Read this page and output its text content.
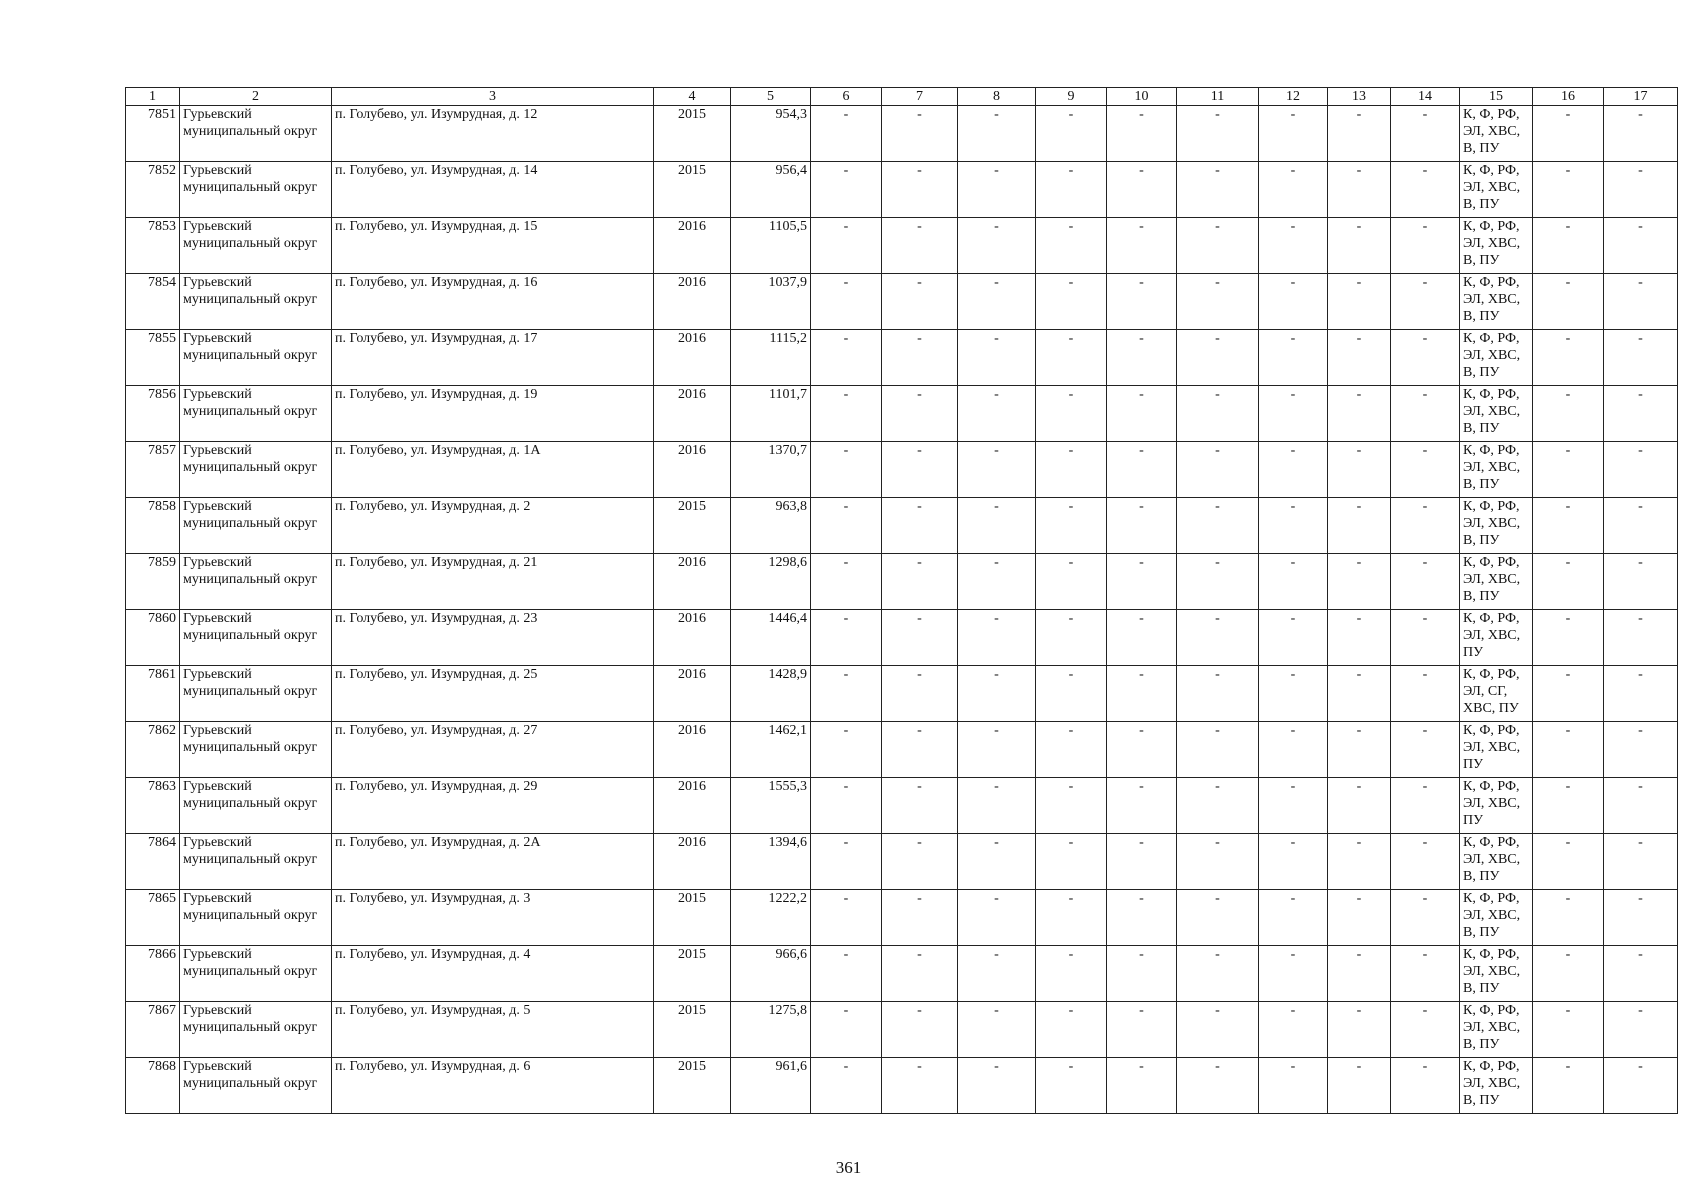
1	2	3	4	5	6	7	8	9	10	11	12	13	14	15	16	17
7851	Гурьевский муниципальный округ	п. Голубево, ул. Изумрудная, д. 12	2015	954,3	-	-	-	-	-	-	-	-	-	К, Ф, РФ, ЭЛ, ХВС, В, ПУ	-	-
7852	Гурьевский муниципальный округ	п. Голубево, ул. Изумрудная, д. 14	2015	956,4	-	-	-	-	-	-	-	-	-	К, Ф, РФ, ЭЛ, ХВС, В, ПУ	-	-
7853	Гурьевский муниципальный округ	п. Голубево, ул. Изумрудная, д. 15	2016	1105,5	-	-	-	-	-	-	-	-	-	К, Ф, РФ, ЭЛ, ХВС, В, ПУ	-	-
7854	Гурьевский муниципальный округ	п. Голубево, ул. Изумрудная, д. 16	2016	1037,9	-	-	-	-	-	-	-	-	-	К, Ф, РФ, ЭЛ, ХВС, В, ПУ	-	-
7855	Гурьевский муниципальный округ	п. Голубево, ул. Изумрудная, д. 17	2016	1115,2	-	-	-	-	-	-	-	-	-	К, Ф, РФ, ЭЛ, ХВС, В, ПУ	-	-
7856	Гурьевский муниципальный округ	п. Голубево, ул. Изумрудная, д. 19	2016	1101,7	-	-	-	-	-	-	-	-	-	К, Ф, РФ, ЭЛ, ХВС, В, ПУ	-	-
7857	Гурьевский муниципальный округ	п. Голубево, ул. Изумрудная, д. 1А	2016	1370,7	-	-	-	-	-	-	-	-	-	К, Ф, РФ, ЭЛ, ХВС, В, ПУ	-	-
7858	Гурьевский муниципальный округ	п. Голубево, ул. Изумрудная, д. 2	2015	963,8	-	-	-	-	-	-	-	-	-	К, Ф, РФ, ЭЛ, ХВС, В, ПУ	-	-
7859	Гурьевский муниципальный округ	п. Голубево, ул. Изумрудная, д. 21	2016	1298,6	-	-	-	-	-	-	-	-	-	К, Ф, РФ, ЭЛ, ХВС, В, ПУ	-	-
7860	Гурьевский муниципальный округ	п. Голубево, ул. Изумрудная, д. 23	2016	1446,4	-	-	-	-	-	-	-	-	-	К, Ф, РФ, ЭЛ, ХВС, ПУ	-	-
7861	Гурьевский муниципальный округ	п. Голубево, ул. Изумрудная, д. 25	2016	1428,9	-	-	-	-	-	-	-	-	-	К, Ф, РФ, ЭЛ, СГ, ХВС, ПУ	-	-
7862	Гурьевский муниципальный округ	п. Голубево, ул. Изумрудная, д. 27	2016	1462,1	-	-	-	-	-	-	-	-	-	К, Ф, РФ, ЭЛ, ХВС, ПУ	-	-
7863	Гурьевский муниципальный округ	п. Голубево, ул. Изумрудная, д. 29	2016	1555,3	-	-	-	-	-	-	-	-	-	К, Ф, РФ, ЭЛ, ХВС, ПУ	-	-
7864	Гурьевский муниципальный округ	п. Голубево, ул. Изумрудная, д. 2А	2016	1394,6	-	-	-	-	-	-	-	-	-	К, Ф, РФ, ЭЛ, ХВС, В, ПУ	-	-
7865	Гурьевский муниципальный округ	п. Голубево, ул. Изумрудная, д. 3	2015	1222,2	-	-	-	-	-	-	-	-	-	К, Ф, РФ, ЭЛ, ХВС, В, ПУ	-	-
7866	Гурьевский муниципальный округ	п. Голубево, ул. Изумрудная, д. 4	2015	966,6	-	-	-	-	-	-	-	-	-	К, Ф, РФ, ЭЛ, ХВС, В, ПУ	-	-
7867	Гурьевский муниципальный округ	п. Голубево, ул. Изумрудная, д. 5	2015	1275,8	-	-	-	-	-	-	-	-	-	К, Ф, РФ, ЭЛ, ХВС, В, ПУ	-	-
7868	Гурьевский муниципальный округ	п. Голубево, ул. Изумрудная, д. 6	2015	961,6	-	-	-	-	-	-	-	-	-	К, Ф, РФ, ЭЛ, ХВС, В, ПУ	-	-
361
